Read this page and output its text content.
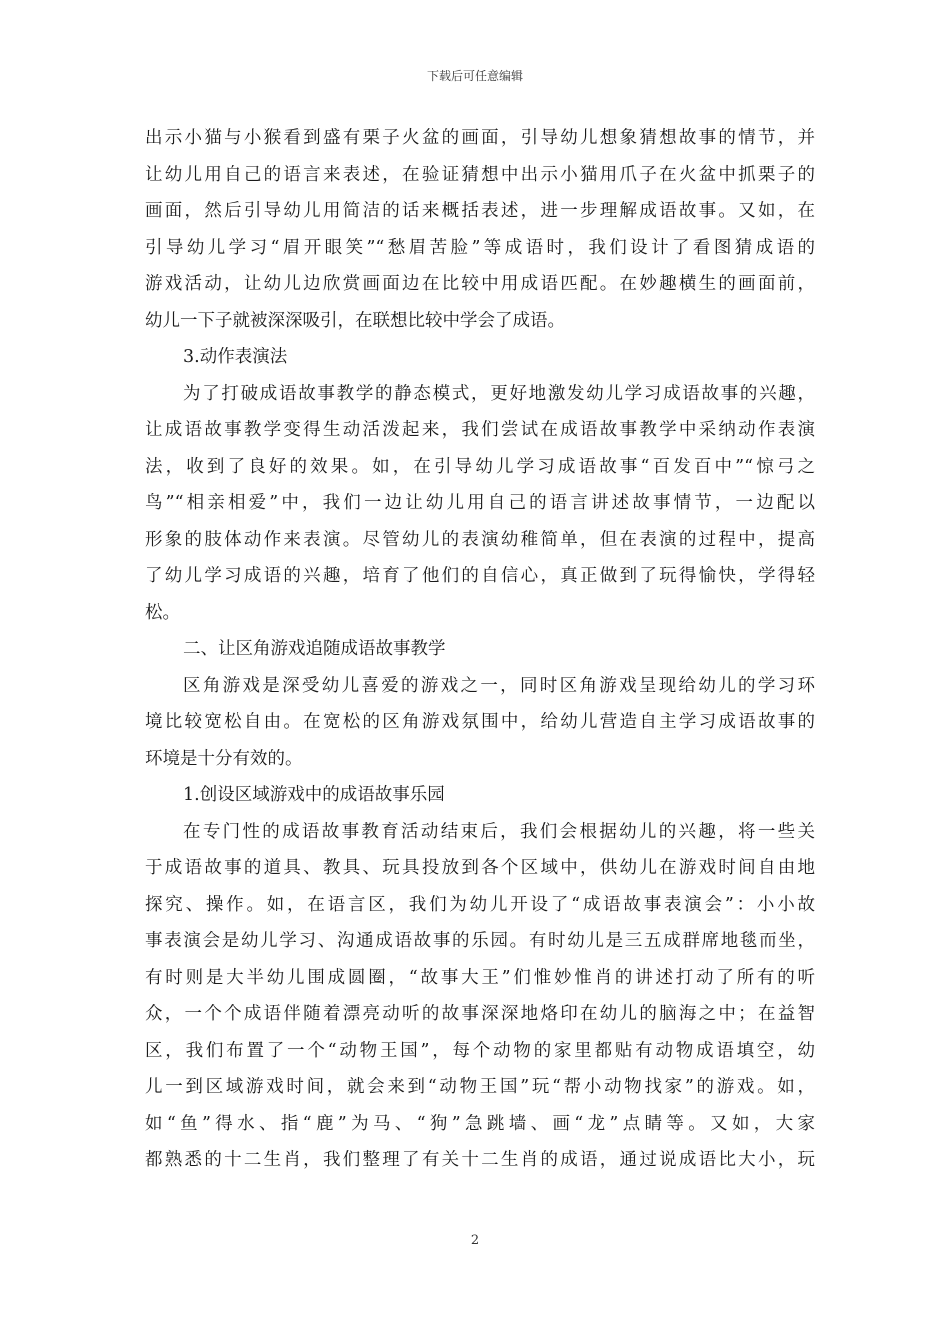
下载后可任意编辑
出示小猫与小猴看到盛有栗子火盆的画面，引导幼儿想象猜想故事的情节，并
让幼儿用自己的语言来表述，在验证猜想中出示小猫用爪子在火盆中抓栗子的
画面，然后引导幼儿用简洁的话来概括表述，进一步理解成语故事。又如，在
引导幼儿学习“眉开眼笑”“愁眉苦脸”等成语时，我们设计了看图猜成语的
游戏活动，让幼儿边欣赏画面边在比较中用成语匹配。在妙趣横生的画面前，
幼儿一下子就被深深吸引，在联想比较中学会了成语。
3.动作表演法
为了打破成语故事教学的静态模式，更好地激发幼儿学习成语故事的兴趣，
让成语故事教学变得生动活泼起来，我们尝试在成语故事教学中采纳动作表演
法，收到了良好的效果。如，在引导幼儿学习成语故事“百发百中”“惊弓之
鸟”“相亲相爱”中，我们一边让幼儿用自己的语言讲述故事情节，一边配以
形象的肢体动作来表演。尽管幼儿的表演幼稚简单，但在表演的过程中，提高
了幼儿学习成语的兴趣，培育了他们的自信心，真正做到了玩得愉快，学得轻
松。
二、让区角游戏追随成语故事教学
区角游戏是深受幼儿喜爱的游戏之一，同时区角游戏呈现给幼儿的学习环
境比较宽松自由。在宽松的区角游戏氛围中，给幼儿营造自主学习成语故事的
环境是十分有效的。
1.创设区域游戏中的成语故事乐园
在专门性的成语故事教育活动结束后，我们会根据幼儿的兴趣，将一些关
于成语故事的道具、教具、玩具投放到各个区域中，供幼儿在游戏时间自由地
探究、操作。如，在语言区，我们为幼儿开设了“成语故事表演会”：小小故
事表演会是幼儿学习、沟通成语故事的乐园。有时幼儿是三五成群席地毯而坐，
有时则是大半幼儿围成圆圈，“故事大王”们惟妙惟肖的讲述打动了所有的听
众，一个个成语伴随着漂亮动听的故事深深地烙印在幼儿的脑海之中；在益智
区，我们布置了一个“动物王国”，每个动物的家里都贴有动物成语填空，幼
儿一到区域游戏时间，就会来到“动物王国”玩“帮小动物找家”的游戏。如，
如“鱼”得水、指“鹿”为马、“狗”急跳墙、画“龙”点睛等。又如，大家
都熟悉的十二生肖，我们整理了有关十二生肖的成语，通过说成语比大小，玩
2
